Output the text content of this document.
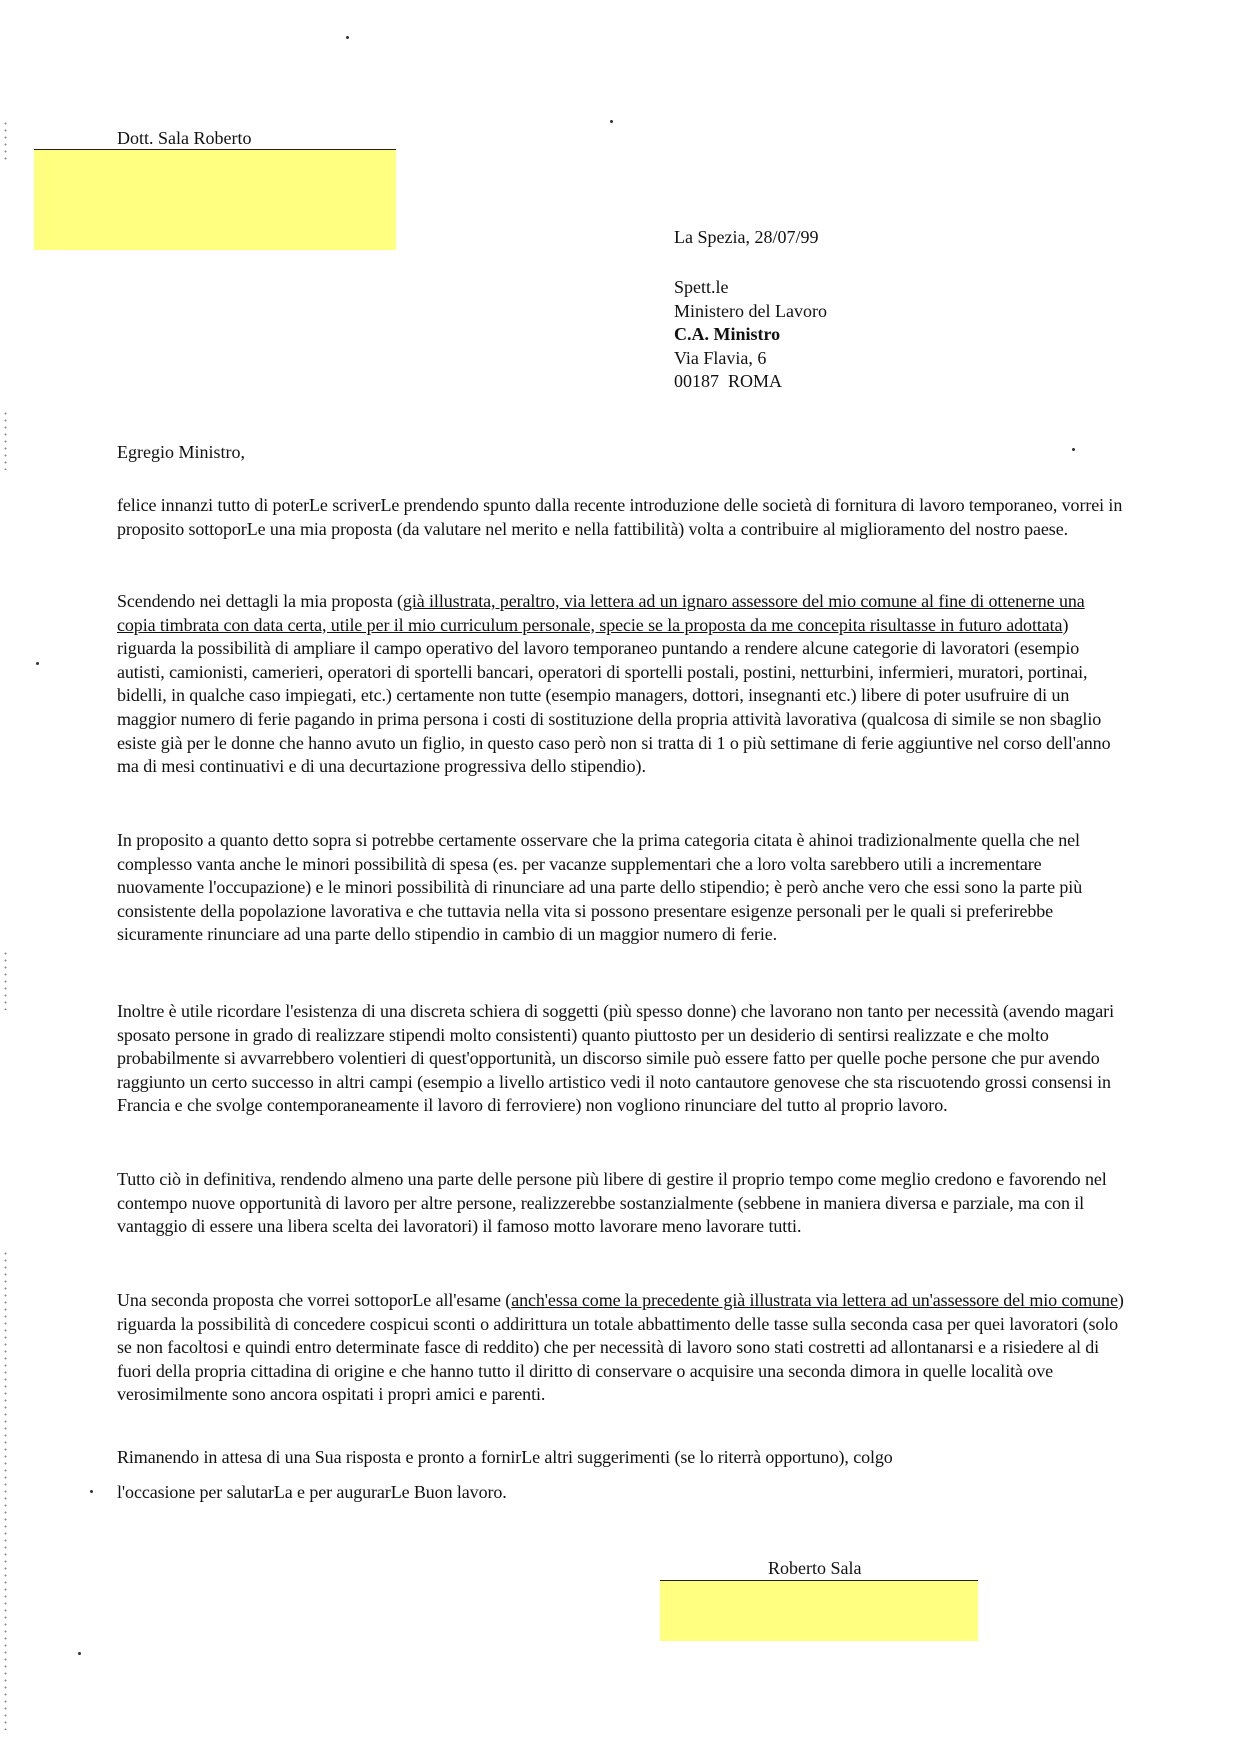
Dott. Sala Roberto
La Spezia, 28/07/99
Spett.le
Ministero del Lavoro
C.A. Ministro
Via Flavia, 6
00187  ROMA
Egregio Ministro,
felice innanzi tutto di poterLe scriverLe prendendo spunto dalla recente introduzione delle società di fornitura di lavoro temporaneo, vorrei in proposito sottoporLe una mia proposta (da valutare nel merito e nella fattibilità) volta a contribuire al miglioramento del nostro paese.
Scendendo nei dettagli la mia proposta (già illustrata, peraltro, via lettera ad un ignaro assessore del mio comune al fine di ottenerne una copia timbrata con data certa, utile per il mio curriculum personale, specie se la proposta da me concepita risultasse in futuro adottata) riguarda la possibilità di ampliare il campo operativo del lavoro temporaneo puntando a rendere alcune categorie di lavoratori (esempio autisti, camionisti, camerieri, operatori di sportelli bancari, operatori di sportelli postali, postini, netturbini, infermieri, muratori, portinai, bidelli, in qualche caso impiegati, etc.) certamente non tutte (esempio managers, dottori, insegnanti etc.) libere di poter usufruire di un maggior numero di ferie pagando in prima persona i costi di sostituzione della propria attività lavorativa (qualcosa di simile se non sbaglio esiste già per le donne che hanno avuto un figlio, in questo caso però non si tratta di 1 o più settimane di ferie aggiuntive nel corso dell'anno ma di mesi continuativi e di una decurtazione progressiva dello stipendio).
In proposito a quanto detto sopra si potrebbe certamente osservare che la prima categoria citata è ahinoi tradizionalmente quella che nel complesso vanta anche le minori possibilità di spesa (es. per vacanze supplementari che a loro volta sarebbero utili a incrementare nuovamente l'occupazione) e le minori possibilità di rinunciare ad una parte dello stipendio; è però anche vero che essi sono la parte più consistente della popolazione lavorativa e che tuttavia nella vita si possono presentare esigenze personali per le quali si preferirebbe sicuramente rinunciare ad una parte dello stipendio in cambio di un maggior numero di ferie.
Inoltre è utile ricordare l'esistenza di una discreta schiera di soggetti (più spesso donne) che lavorano non tanto per necessità (avendo magari sposato persone in grado di realizzare stipendi molto consistenti) quanto piuttosto per un desiderio di sentirsi realizzate e che molto probabilmente si avvarrebbero volentieri di quest'opportunità, un discorso simile può essere fatto per quelle poche persone che pur avendo raggiunto un certo successo in altri campi (esempio a livello artistico vedi il noto cantautore genovese che sta riscuotendo grossi consensi in Francia e che svolge contemporaneamente il lavoro di ferroviere) non vogliono rinunciare del tutto al proprio lavoro.
Tutto ciò in definitiva, rendendo almeno una parte delle persone più libere di gestire il proprio tempo come meglio credono e favorendo nel contempo nuove opportunità di lavoro per altre persone, realizzerebbe sostanzialmente (sebbene in maniera diversa e parziale, ma con il vantaggio di essere una libera scelta dei lavoratori) il famoso motto lavorare meno lavorare tutti.
Una seconda proposta che vorrei sottoporLe all'esame (anch'essa come la precedente già illustrata via lettera ad un'assessore del mio comune) riguarda la possibilità di concedere cospicui sconti o addirittura un totale abbattimento delle tasse sulla seconda casa per quei lavoratori (solo se non facoltosi e quindi entro determinate fasce di reddito) che per necessità di lavoro sono stati costretti ad allontanarsi e a risiedere al di fuori della propria cittadina di origine e che hanno tutto il diritto di conservare o acquisire una seconda dimora in quelle località ove verosimilmente sono ancora ospitati i propri amici e parenti.
Rimanendo in attesa di una Sua risposta e pronto a fornirLe altri suggerimenti (se lo riterrà opportuno), colgo
l'occasione per salutarLa e per augurarLe Buon lavoro.
Roberto Sala
